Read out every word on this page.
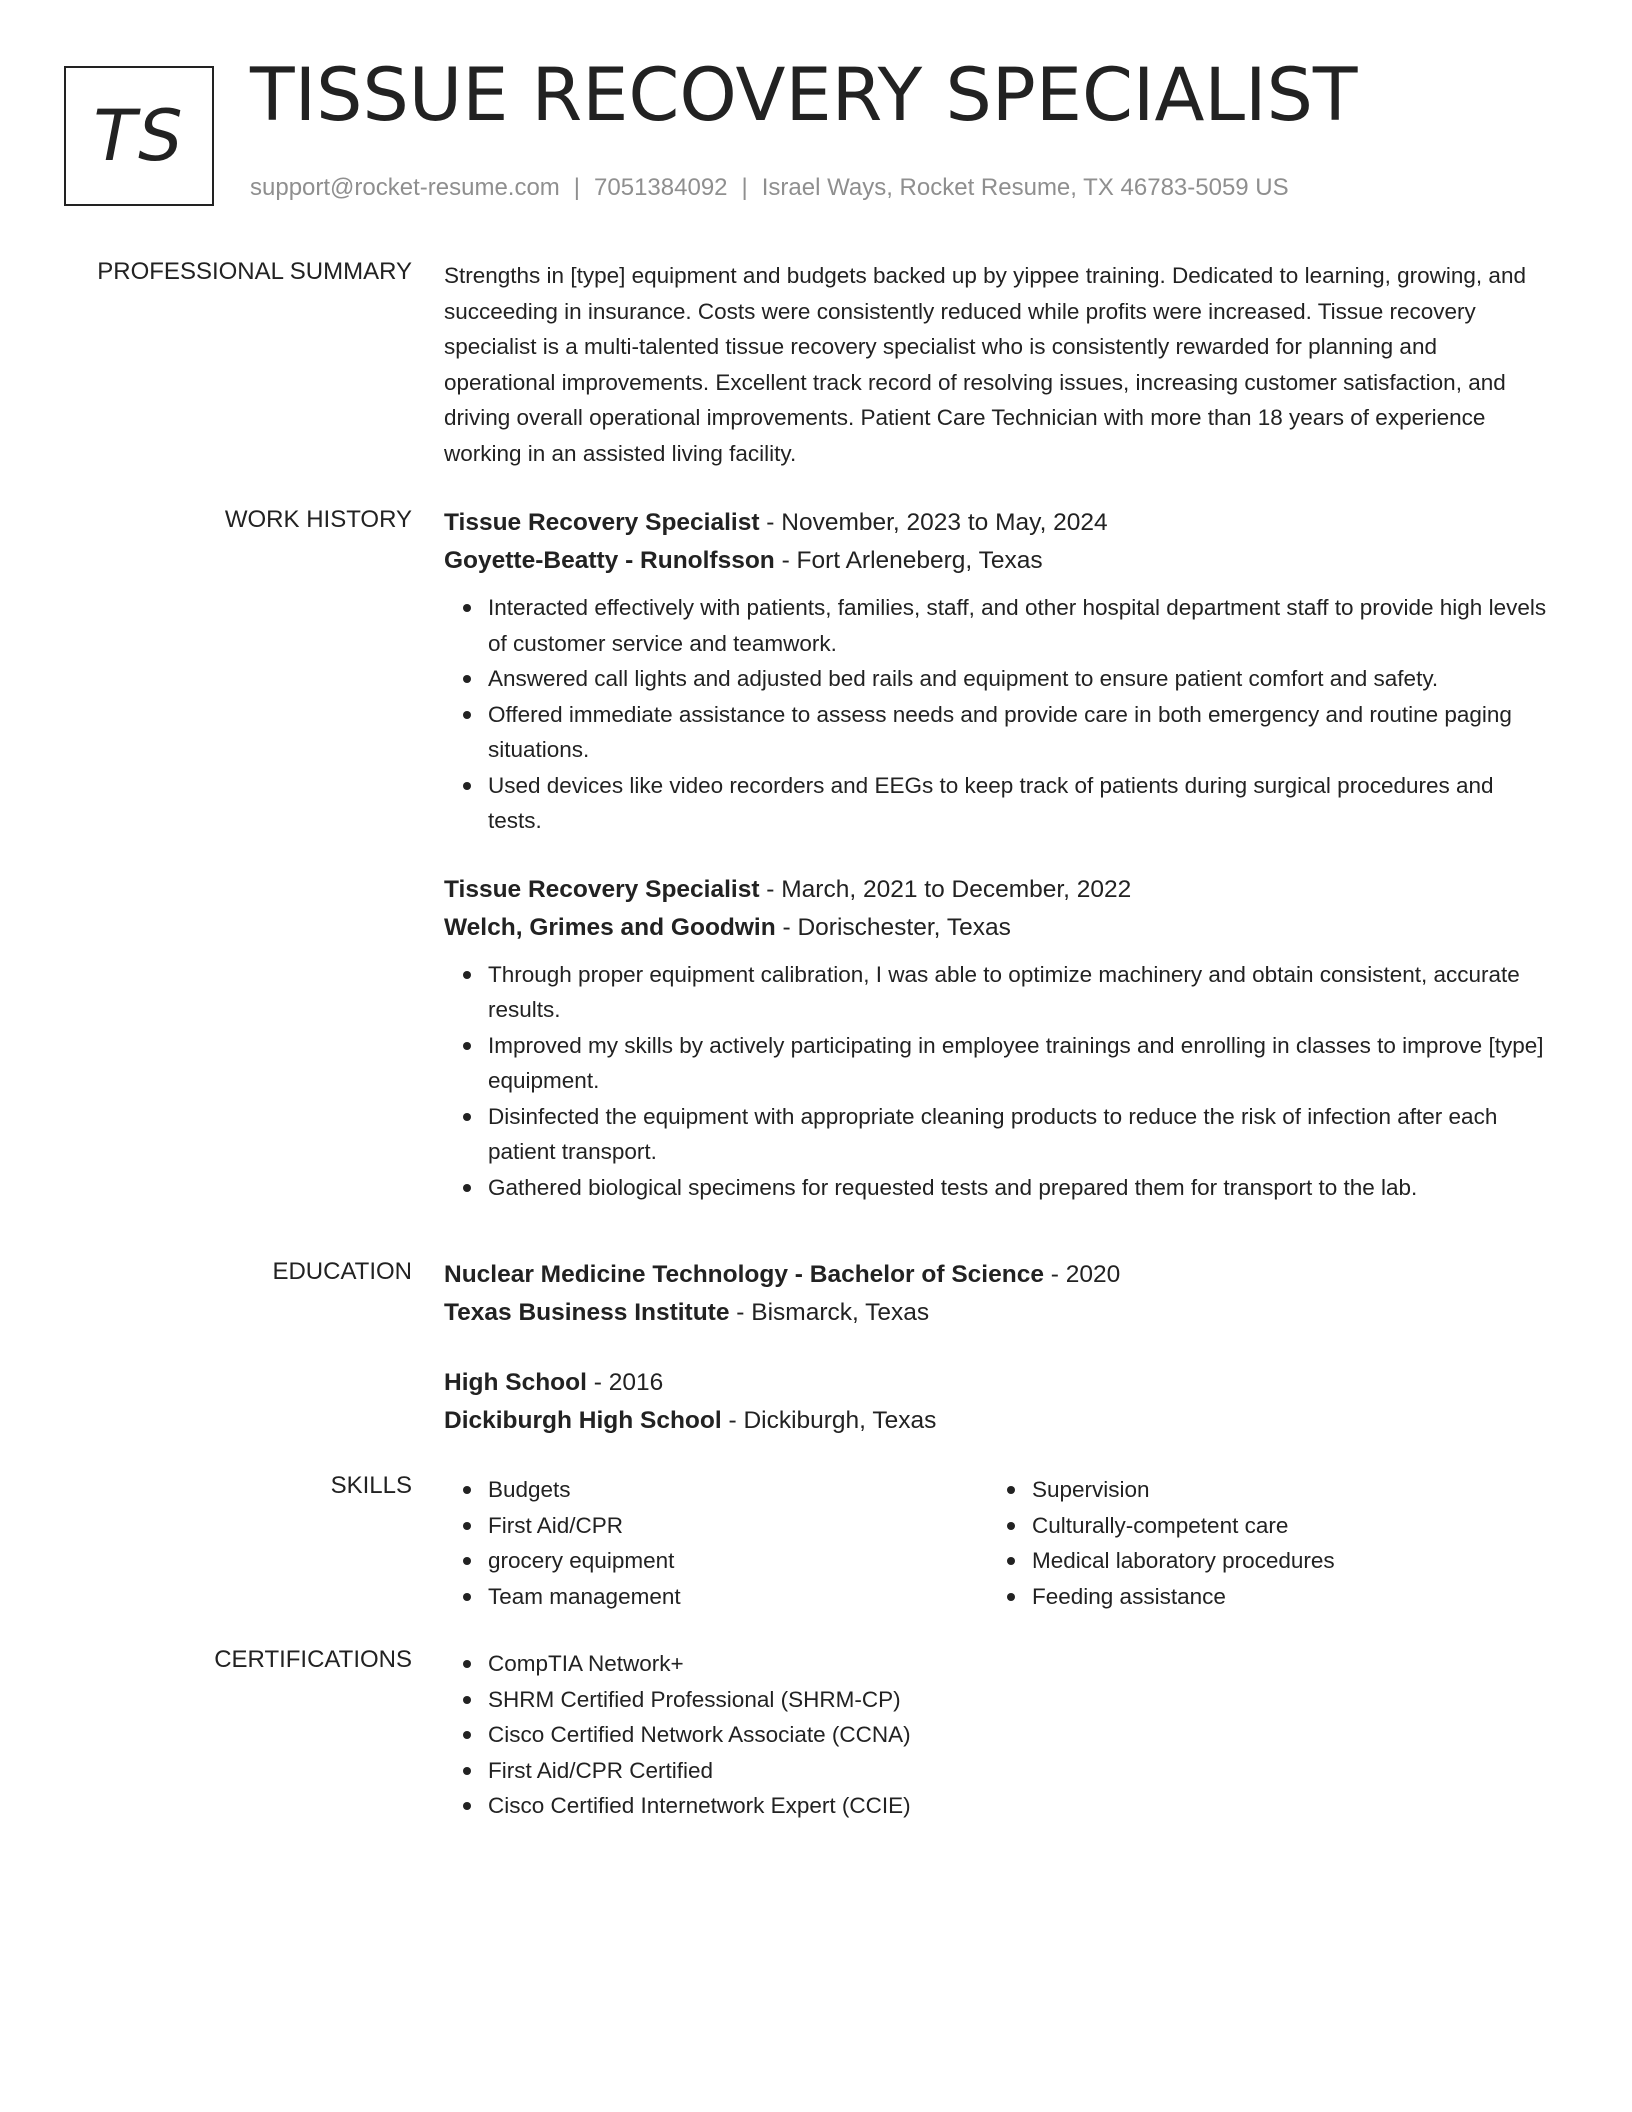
TS TISSUE RECOVERY SPECIALIST
support@rocket-resume.com | 7051384092 | Israel Ways, Rocket Resume, TX 46783-5059 US
PROFESSIONAL SUMMARY Strengths in [type] equipment and budgets backed up by yippee training. Dedicated to learning, growing, and succeeding in insurance. Costs were consistently reduced while profits were increased. Tissue recovery specialist is a multi-talented tissue recovery specialist who is consistently rewarded for planning and operational improvements. Excellent track record of resolving issues, increasing customer satisfaction, and driving overall operational improvements. Patient Care Technician with more than 18 years of experience working in an assisted living facility.

WORK HISTORY Tissue Recovery Specialist - November, 2023 to May, 2024
Goyette-Beatty - Runolfsson - Fort Arleneberg, Texas
Interacted effectively with patients, families, staff, and other hospital department staff to provide high levels of customer service and teamwork.
Answered call lights and adjusted bed rails and equipment to ensure patient comfort and safety.
Offered immediate assistance to assess needs and provide care in both emergency and routine paging situations.
Used devices like video recorders and EEGs to keep track of patients during surgical procedures and tests.
Tissue Recovery Specialist - March, 2021 to December, 2022
Welch, Grimes and Goodwin - Dorischester, Texas
Through proper equipment calibration, I was able to optimize machinery and obtain consistent, accurate results.
Improved my skills by actively participating in employee trainings and enrolling in classes to improve [type] equipment.
Disinfected the equipment with appropriate cleaning products to reduce the risk of infection after each patient transport.
Gathered biological specimens for requested tests and prepared them for transport to the lab.
EDUCATION Nuclear Medicine Technology - Bachelor of Science - 2020
Texas Business Institute - Bismarck, Texas
High School - 2016
Dickiburgh High School - Dickiburgh, Texas
SKILLS	Budgets
First Aid/CPR
grocery equipment
Team management
Supervision
Culturally-competent care
Medical laboratory procedures
Feeding assistance
CERTIFICATIONS	CompTIA Network+
SHRM Certified Professional (SHRM-CP)
Cisco Certified Network Associate (CCNA)
First Aid/CPR Certified
Cisco Certified Internetwork Expert (CCIE)
